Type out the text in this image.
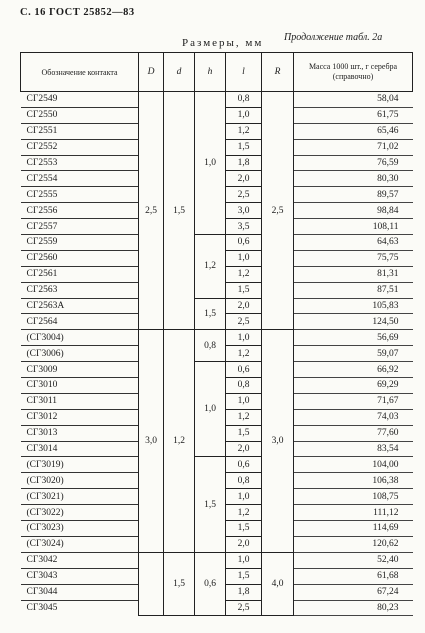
С. 16 ГОСТ 25852—83
Продолжение табл. 2а
Размеры, мм
Обозначение контакта	D	d	h	l	R	Масса 1000 шт., г серебра (справочно)
СГ2549	2,5	1,5	1,0	0,8	2,5	58,04
СГ2550				1,0		61,75
СГ2551				1,2		65,46
СГ2552				1,5		71,02
СГ2553				1,8		76,59
СГ2554				2,0		80,30
СГ2555				2,5		89,57
СГ2556				3,0		98,84
СГ2557				3,5		108,11
СГ2559			1,2	0,6		64,63
СГ2560				1,0		75,75
СГ2561				1,2		81,31
СГ2563				1,5		87,51
СГ2563А			1,5	2,0		105,83
СГ2564				2,5		124,50
(СГ3004)	3,0	1,2	0,8	1,0	3,0	56,69
(СГ3006)				1,2		59,07
СГ3009			1,0	0,6		66,92
СГ3010				0,8		69,29
СГ3011				1,0		71,67
СГ3012				1,2		74,03
СГ3013				1,5		77,60
СГ3014				2,0		83,54
(СГ3019)			1,5	0,6		104,00
(СГ3020)				0,8		106,38
(СГ3021)				1,0		108,75
(СГ3022)				1,2		111,12
(СГ3023)				1,5		114,69
(СГ3024)				2,0		120,62
СГ3042		1,5	0,6	1,0	4,0	52,40
СГ3043				1,5		61,68
СГ3044				1,8		67,24
СГ3045				2,5		80,23
